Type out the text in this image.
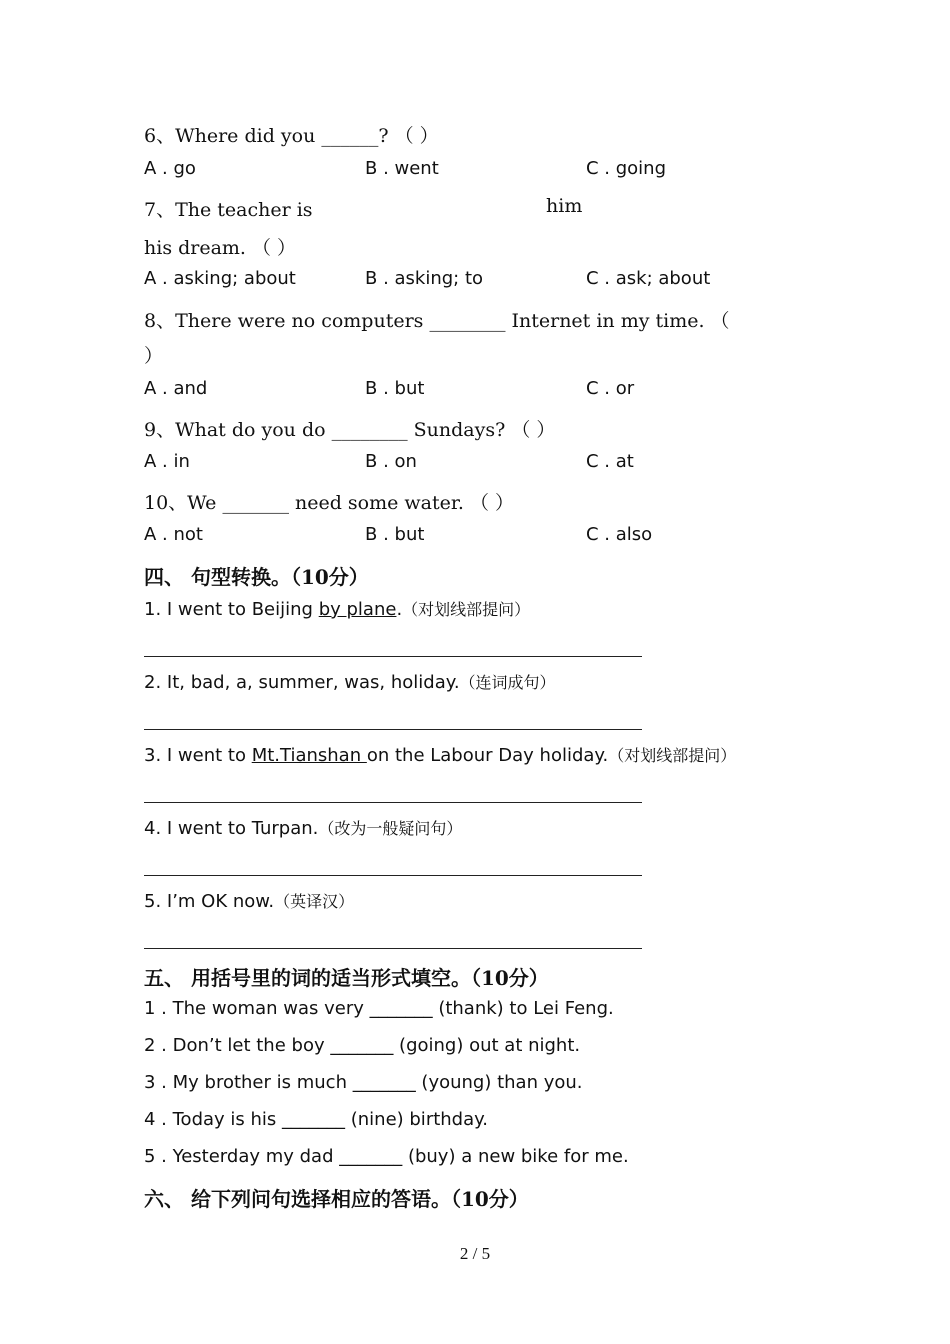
6、Where did you ______? （ ）
A . go	B . went	C . going
7、The teacher is	him
his dream. （ ）
A . asking; about	B . asking; to	C . ask; about
8、There were no computers ________ Internet in my time. （
）
A . and	B . but	C . or
9、What do you do ________ Sundays? （ ）
A . in	B . on	C . at
10、We _______ need some water. （ ）
A . not	B . but	C . also
四、 句型转换。（10分）
1. I went to Beijing by plane.（对划线部提问）
2. It, bad, a, summer, was, holiday.（连词成句）
3. I went to Mt.Tianshan on the Labour Day holiday.（对划线部提问）
4. I went to Turpan.（改为一般疑问句）
5. I’m OK now.（英译汉）
五、 用括号里的词的适当形式填空。（10分）
1 . The woman was very _______ (thank) to Lei Feng.
2 . Don’t let the boy _______ (going) out at night.
3 . My brother is much _______ (young) than you.
4 . Today is his _______ (nine) birthday.
5 . Yesterday my dad _______ (buy) a new bike for me.
六、 给下列问句选择相应的答语。（10分）
2 / 5
